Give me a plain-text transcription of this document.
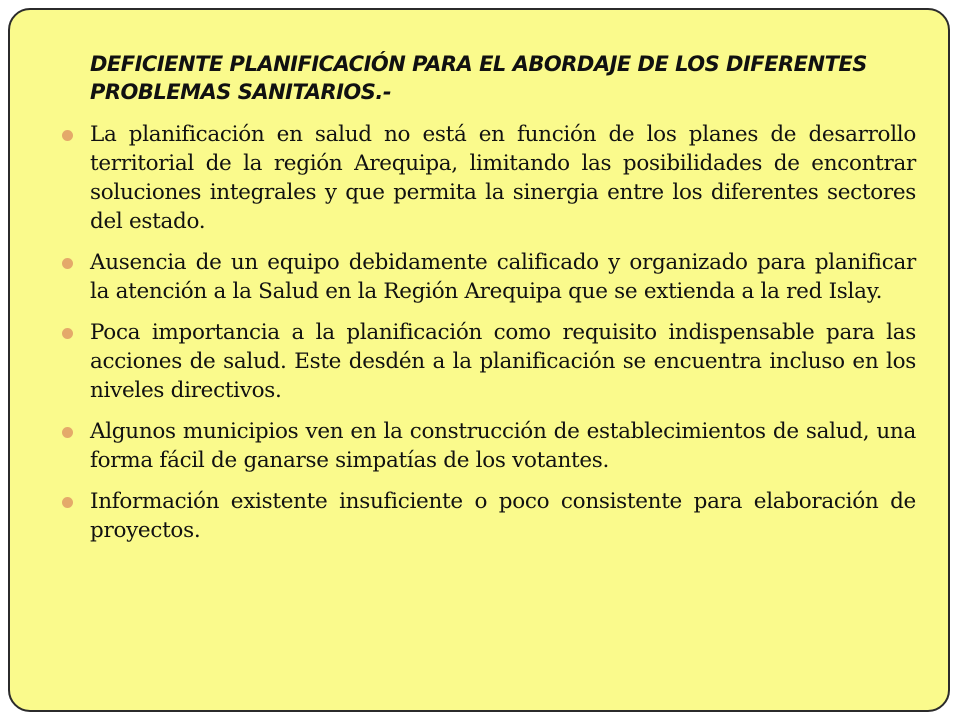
DEFICIENTE PLANIFICACIÓN PARA EL ABORDAJE DE LOS DIFERENTES PROBLEMAS SANITARIOS.-
La planificación en salud no está en función de los planes de desarrollo territorial de la región Arequipa, limitando las posibilidades de encontrar soluciones integrales y que permita la sinergia entre los diferentes sectores del estado.
Ausencia de un equipo debidamente calificado y organizado para planificar la atención a la Salud en la Región Arequipa que se extienda a la red Islay.
Poca importancia a la planificación como requisito indispensable para las acciones de salud. Este desdén a la planificación se encuentra incluso en los niveles directivos.
Algunos municipios ven en la construcción de establecimientos de salud, una forma fácil de ganarse simpatías de los votantes.
Información existente insuficiente o poco consistente para elaboración de proyectos.
